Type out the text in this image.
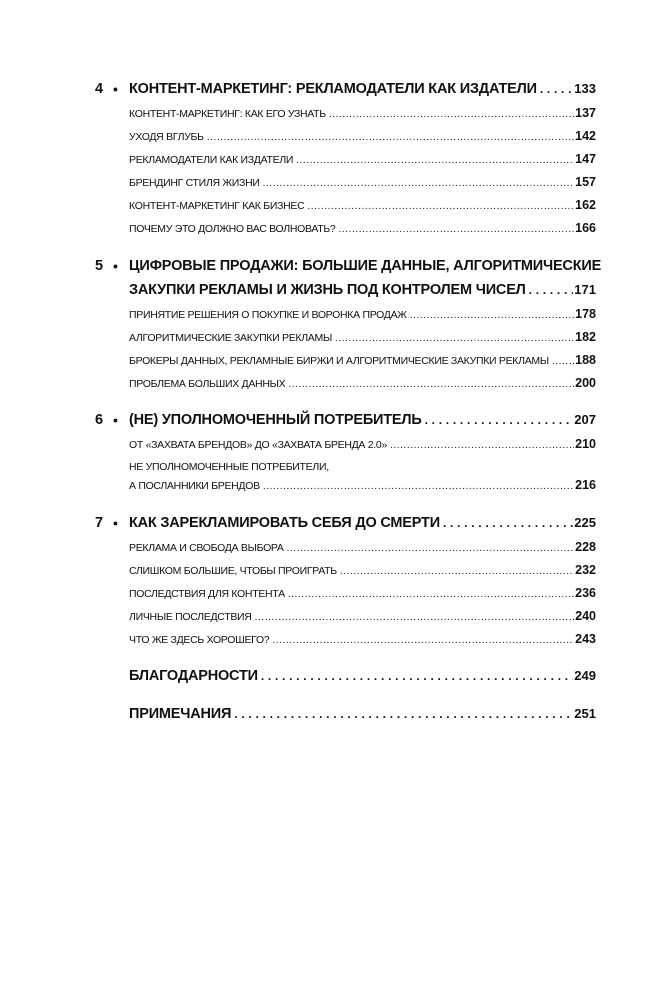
4 • КОНТЕНТ-МАРКЕТИНГ: РЕКЛАМОДАТЕЛИ КАК ИЗДАТЕЛИ . . .	133
КОНТЕНТ-МАРКЕТИНГ: КАК ЕГО УЗНАТЬ .....	137
УХОДЯ ВГЛУБЬ .....	142
РЕКЛАМОДАТЕЛИ КАК ИЗДАТЕЛИ .....	147
БРЕНДИНГ СТИЛЯ ЖИЗНИ .....	157
КОНТЕНТ-МАРКЕТИНГ КАК БИЗНЕС .....	162
ПОЧЕМУ ЭТО ДОЛЖНО ВАС ВОЛНОВАТЬ? .....	166
5 • ЦИФРОВЫЕ ПРОДАЖИ: БОЛЬШИЕ ДАННЫЕ, АЛГОРИТМИЧЕСКИЕ
ЗАКУПКИ РЕКЛАМЫ И ЖИЗНЬ ПОД КОНТРОЛЕМ ЧИСЕЛ . . .	171
ПРИНЯТИЕ РЕШЕНИЯ О ПОКУПКЕ И ВОРОНКА ПРОДАЖ .....	178
АЛГОРИТМИЧЕСКИЕ ЗАКУПКИ РЕКЛАМЫ .....	182
БРОКЕРЫ ДАННЫХ, РЕКЛАМНЫЕ БИРЖИ И АЛГОРИТМИЧЕСКИЕ ЗАКУПКИ РЕКЛАМЫ ..... 188
ПРОБЛЕМА БОЛЬШИХ ДАННЫХ .....	200
6 • (НЕ) УПОЛНОМОЧЕННЫЙ ПОТРЕБИТЕЛЬ . . .	207
ОТ «ЗАХВАТА БРЕНДОВ» ДО «ЗАХВАТА БРЕНДА 2.0» .....	210
НЕ УПОЛНОМОЧЕННЫЕ ПОТРЕБИТЕЛИ,
А ПОСЛАННИКИ БРЕНДОВ .....	216
7 • КАК ЗАРЕКЛАМИРОВАТЬ СЕБЯ ДО СМЕРТИ . . .	225
РЕКЛАМА И СВОБОДА ВЫБОРА .....	228
СЛИШКОМ БОЛЬШИЕ, ЧТОБЫ ПРОИГРАТЬ .....	232
ПОСЛЕДСТВИЯ ДЛЯ КОНТЕНТА .....	236
ЛИЧНЫЕ ПОСЛЕДСТВИЯ .....	240
ЧТО ЖЕ ЗДЕСЬ ХОРОШЕГО? .....	243
БЛАГОДАРНОСТИ . . .	249
ПРИМЕЧАНИЯ . . .	251
